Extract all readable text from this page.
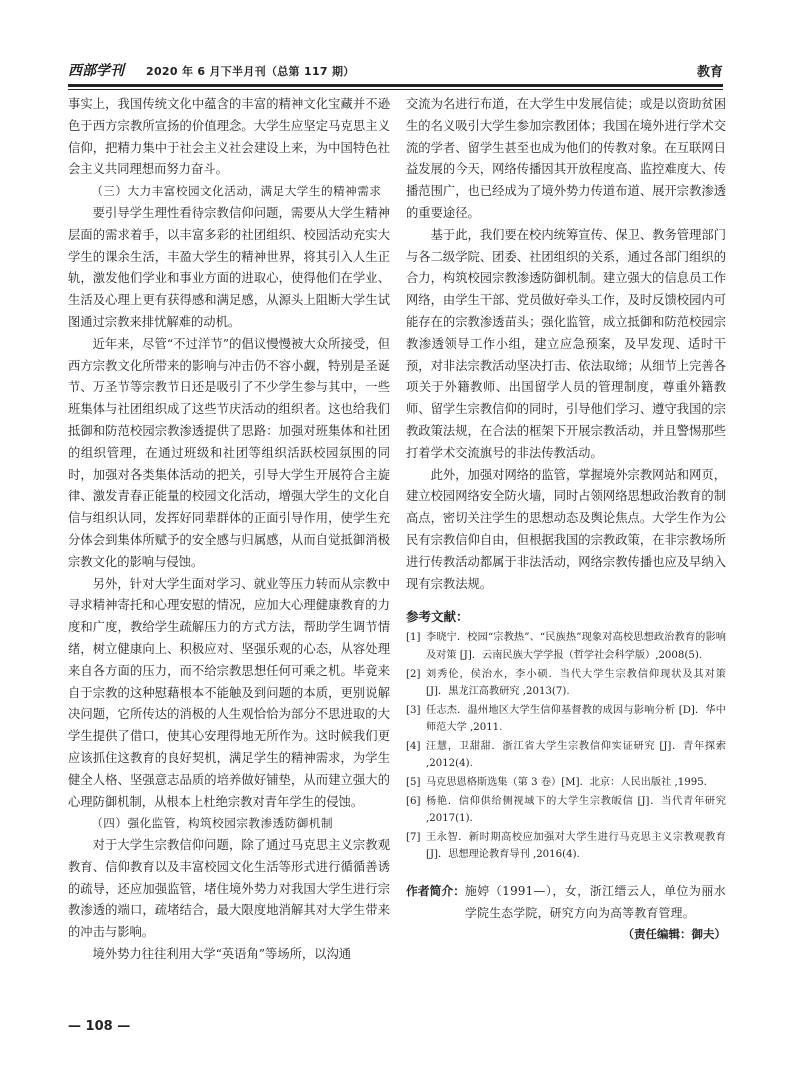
西部学刊 2020 年 6 月下半月刊（总第 117 期）	教育

事实上，我国传统文化中蕴含的丰富的精神文化宝藏并不逊色于西方宗教所宣扬的价值理念。大学生应坚定马克思主义信仰，把精力集中于社会主义社会建设上来，为中国特色社会主义共同理想而努力奋斗。

（三）大力丰富校园文化活动，满足大学生的精神需求

要引导学生理性看待宗教信仰问题，需要从大学生精神层面的需求着手，以丰富多彩的社团组织、校园活动充实大学生的课余生活，丰盈大学生的精神世界，将其引入人生正轨，激发他们学业和事业方面的进取心，使得他们在学业、生活及心理上更有获得感和满足感，从源头上阻断大学生试图通过宗教来排忧解难的动机。

近年来，尽管“不过洋节”的倡议慢慢被大众所接受，但西方宗教文化所带来的影响与冲击仍不容小觑，特别是圣诞节、万圣节等宗教节日还是吸引了不少学生参与其中，一些班集体与社团组织成了这些节庆活动的组织者。这也给我们抵御和防范校园宗教渗透提供了思路：加强对班集体和社团的组织管理，在通过班级和社团等组织活跃校园氛围的同时，加强对各类集体活动的把关，引导大学生开展符合主旋律、激发青春正能量的校园文化活动，增强大学生的文化自信与组织认同，发挥好同辈群体的正面引导作用，使学生充分体会到集体所赋予的安全感与归属感，从而自觉抵御消极宗教文化的影响与侵蚀。

另外，针对大学生面对学习、就业等压力转而从宗教中寻求精神寄托和心理安慰的情况，应加大心理健康教育的力度和广度，教给学生疏解压力的方式方法，帮助学生调节情绪，树立健康向上、积极应对、坚强乐观的心态，从容处理来自各方面的压力，而不给宗教思想任何可乘之机。毕竟来自于宗教的这种慰藉根本不能触及到问题的本质，更别说解决问题，它所传达的消极的人生观恰恰为部分不思进取的大学生提供了借口，使其心安理得地无所作为。这时候我们更应该抓住这教育的良好契机，满足学生的精神需求，为学生健全人格、坚强意志品质的培养做好铺垫，从而建立强大的心理防御机制，从根本上杜绝宗教对青年学生的侵蚀。

（四）强化监管，构筑校园宗教渗透防御机制

对于大学生宗教信仰问题，除了通过马克思主义宗教观教育、信仰教育以及丰富校园文化生活等形式进行循循善诱的疏导，还应加强监管，堵住境外势力对我国大学生进行宗教渗透的端口，疏堵结合，最大限度地消解其对大学生带来的冲击与影响。

境外势力往往利用大学“英语角”等场所，以沟通

交流为名进行布道，在大学生中发展信徒；或是以资助贫困生的名义吸引大学生参加宗教团体；我国在境外进行学术交流的学者、留学生甚至也成为他们的传教对象。在互联网日益发展的今天，网络传播因其开放程度高、监控难度大、传播范围广，也已经成为了境外势力传道布道、展开宗教渗透的重要途径。

基于此，我们要在校内统筹宣传、保卫、教务管理部门与各二级学院、团委、社团组织的关系，通过各部门组织的合力，构筑校园宗教渗透防御机制。建立强大的信息员工作网络，由学生干部、党员做好牵头工作，及时反馈校园内可能存在的宗教渗透苗头；强化监管，成立抵御和防范校园宗教渗透领导工作小组，建立应急预案，及早发现、适时干预，对非法宗教活动坚决打击、依法取缔；从细节上完善各项关于外籍教师、出国留学人员的管理制度，尊重外籍教师、留学生宗教信仰的同时，引导他们学习、遵守我国的宗教政策法规，在合法的框架下开展宗教活动，并且警惕那些打着学术交流旗号的非法传教活动。

此外，加强对网络的监管，掌握境外宗教网站和网页，建立校园网络安全防火墙，同时占领网络思想政治教育的制高点，密切关注学生的思想动态及舆论焦点。大学生作为公民有宗教信仰自由，但根据我国的宗教政策，在非宗教场所进行传教活动都属于非法活动，网络宗教传播也应及早纳入现有宗教法规。

参考文献：
[1] 李晓宁．校园“宗教热”、“民族热”现象对高校思想政治教育的影响及对策 [J]．云南民族大学学报（哲学社会科学版）,2008(5).
[2] 刘秀伦，侯治水，李小硕．当代大学生宗教信仰现状及其对策 [J]．黑龙江高教研究 ,2013(7).
[3] 任志杰．温州地区大学生信仰基督教的成因与影响分析 [D]．华中师范大学 ,2011.
[4] 汪慧，卫甜甜．浙江省大学生宗教信仰实证研究 [J]．青年探索 ,2012(4).
[5] 马克思恩格斯选集（第 3 卷）[M]．北京：人民出版社 ,1995.
[6] 杨艳．信仰供给侧视域下的大学生宗教皈信 [J]．当代青年研究 ,2017(1).
[7] 王永智．新时期高校应加强对大学生进行马克思主义宗教观教育 [J]．思想理论教育导刊 ,2016(4).
作者简介： 施婷（1991—），女，浙江缙云人，单位为丽水学院生态学院，研究方向为高等教育管理。
（责任编辑：御夫）
— 108 —
